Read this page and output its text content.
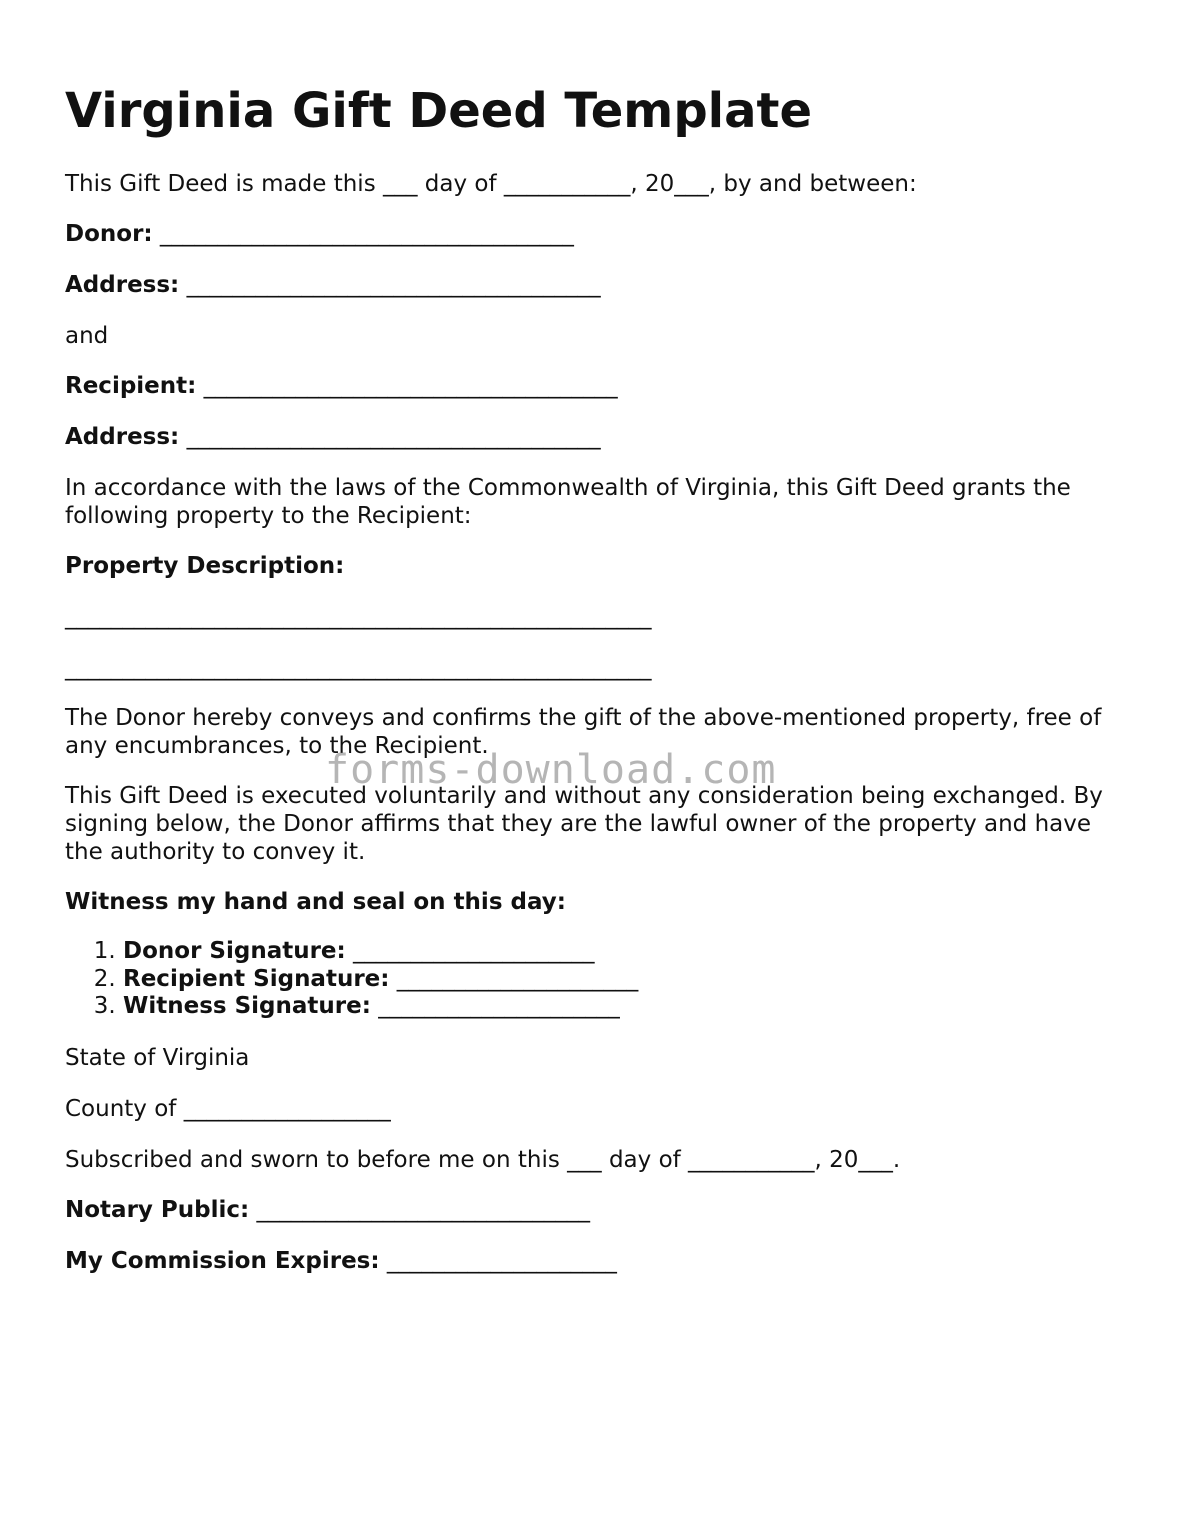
Virginia Gift Deed Template

This Gift Deed is made this ___ day of ___________, 20___, by and between:

Donor: ____________________________________

Address: ____________________________________

and

Recipient: ____________________________________

Address: ____________________________________

In accordance with the laws of the Commonwealth of Virginia, this Gift Deed grants the following property to the Recipient:

Property Description:

___________________________________________________

___________________________________________________

The Donor hereby conveys and confirms the gift of the above-mentioned property, free of any encumbrances, to the Recipient.

This Gift Deed is executed voluntarily and without any consideration being exchanged. By signing below, the Donor affirms that they are the lawful owner of the property and have the authority to convey it.

Witness my hand and seal on this day:

1. Donor Signature: _____________________
2. Recipient Signature: _____________________
3. Witness Signature: _____________________

State of Virginia

County of __________________

Subscribed and sworn to before me on this ___ day of ___________, 20___.

Notary Public: _____________________________

My Commission Expires: ____________________

forms-download.com
